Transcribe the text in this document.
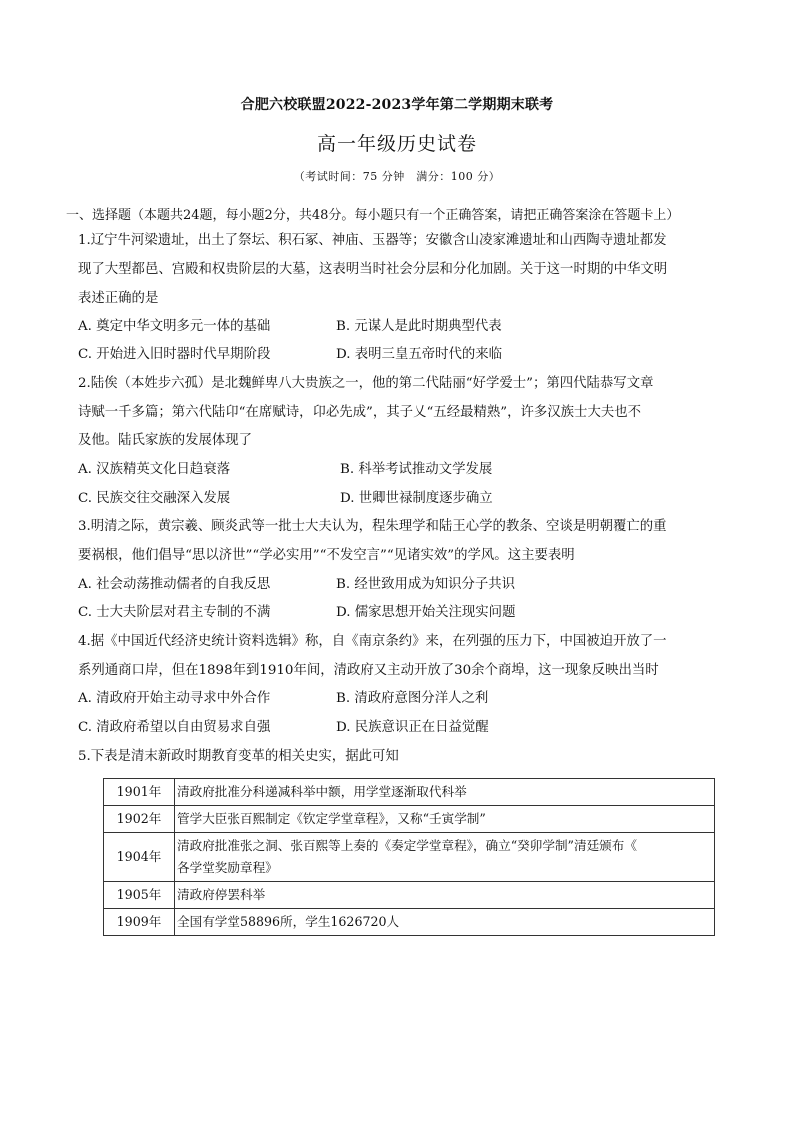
合肥六校联盟2022-2023学年第二学期期末联考
高一年级历史试卷
（考试时间：75 分钟　满分：100 分）
一、选择题（本题共24题，每小题2分，共48分。每小题只有一个正确答案，请把正确答案涂在答题卡上）
1.辽宁牛河梁遗址，出土了祭坛、积石冢、神庙、玉器等；安徽含山凌家滩遗址和山西陶寺遗址都发
现了大型都邑、宫殿和权贵阶层的大墓，这表明当时社会分层和分化加剧。关于这一时期的中华文明
表述正确的是
A. 奠定中华文明多元一体的基础	B. 元谋人是此时期典型代表
C. 开始进入旧时器时代早期阶段	D. 表明三皇五帝时代的来临
2.陆俟（本姓步六孤）是北魏鲜卑八大贵族之一，他的第二代陆丽“好学爱士”；第四代陆恭写文章
诗赋一千多篇；第六代陆卬“在席赋诗，卬必先成”，其子乂“五经最精熟”，许多汉族士大夫也不
及他。陆氏家族的发展体现了
A. 汉族精英文化日趋衰落	B. 科举考试推动文学发展
C. 民族交往交融深入发展	D. 世卿世禄制度逐步确立
3.明清之际，黄宗羲、顾炎武等一批士大夫认为，程朱理学和陆王心学的教条、空谈是明朝覆亡的重
要祸根，他们倡导“思以济世”“学必实用”“不发空言”“见诸实效”的学风。这主要表明
A. 社会动荡推动儒者的自我反思	B. 经世致用成为知识分子共识
C. 士大夫阶层对君主专制的不满	D. 儒家思想开始关注现实问题
4.据《中国近代经济史统计资料选辑》称，自《南京条约》来，在列强的压力下，中国被迫开放了一
系列通商口岸，但在1898年到1910年间，清政府又主动开放了30余个商埠，这一现象反映出当时
A. 清政府开始主动寻求中外合作	B. 清政府意图分洋人之利
C. 清政府希望以自由贸易求自强	D. 民族意识正在日益觉醒
5.下表是清末新政时期教育变革的相关史实，据此可知
1901年	清政府批准分科递减科举中额，用学堂逐渐取代科举
1902年	管学大臣张百熙制定《钦定学堂章程》，又称“壬寅学制”
1904年	清政府批准张之洞、张百熙等上奏的《奏定学堂章程》，确立“癸卯学制”清廷颁布《
各学堂奖励章程》
1905年	清政府停罢科举
1909年	全国有学堂58896所，学生1626720人
